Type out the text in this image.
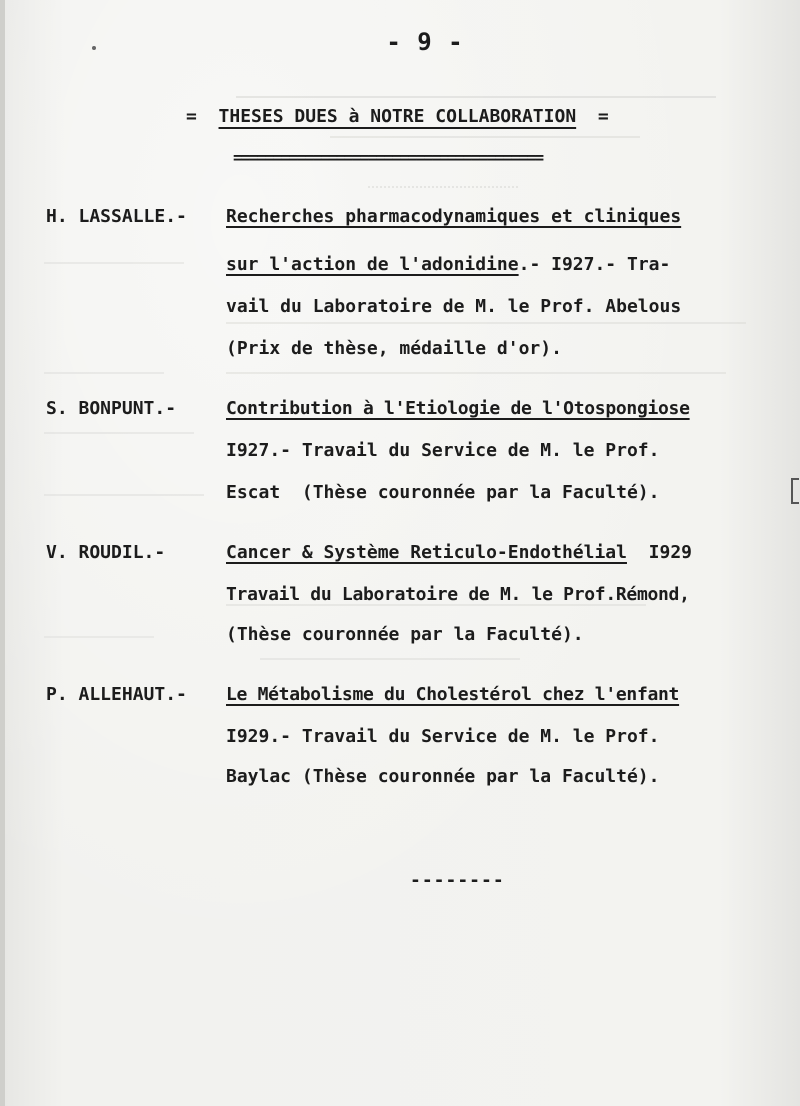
- 9 -
= THESES DUES à NOTRE COLLABORATION =
=======================================
H. LASSALLE.- Recherches pharmacodynamiques et cliniques
sur l'action de l'adonidine.- I927.- Tra-
vail du Laboratoire de M. le Prof. Abelous
(Prix de thèse, médaille d'or).
S. BONPUNT.-	Contribution à l'Etiologie de l'Otospongiose
I927.- Travail du Service de M. le Prof.
Escat  (Thèse couronnée par la Faculté).
V. ROUDIL.-	Cancer & Système Reticulo-Endothélial  I929
Travail du Laboratoire de M. le Prof.Rémond,
(Thèse couronnée par la Faculté).
P. ALLEHAUT.- Le Métabolisme du Cholestérol chez l'enfant
I929.- Travail du Service de M. le Prof.
Baylac (Thèse couronnée par la Faculté).
--------
